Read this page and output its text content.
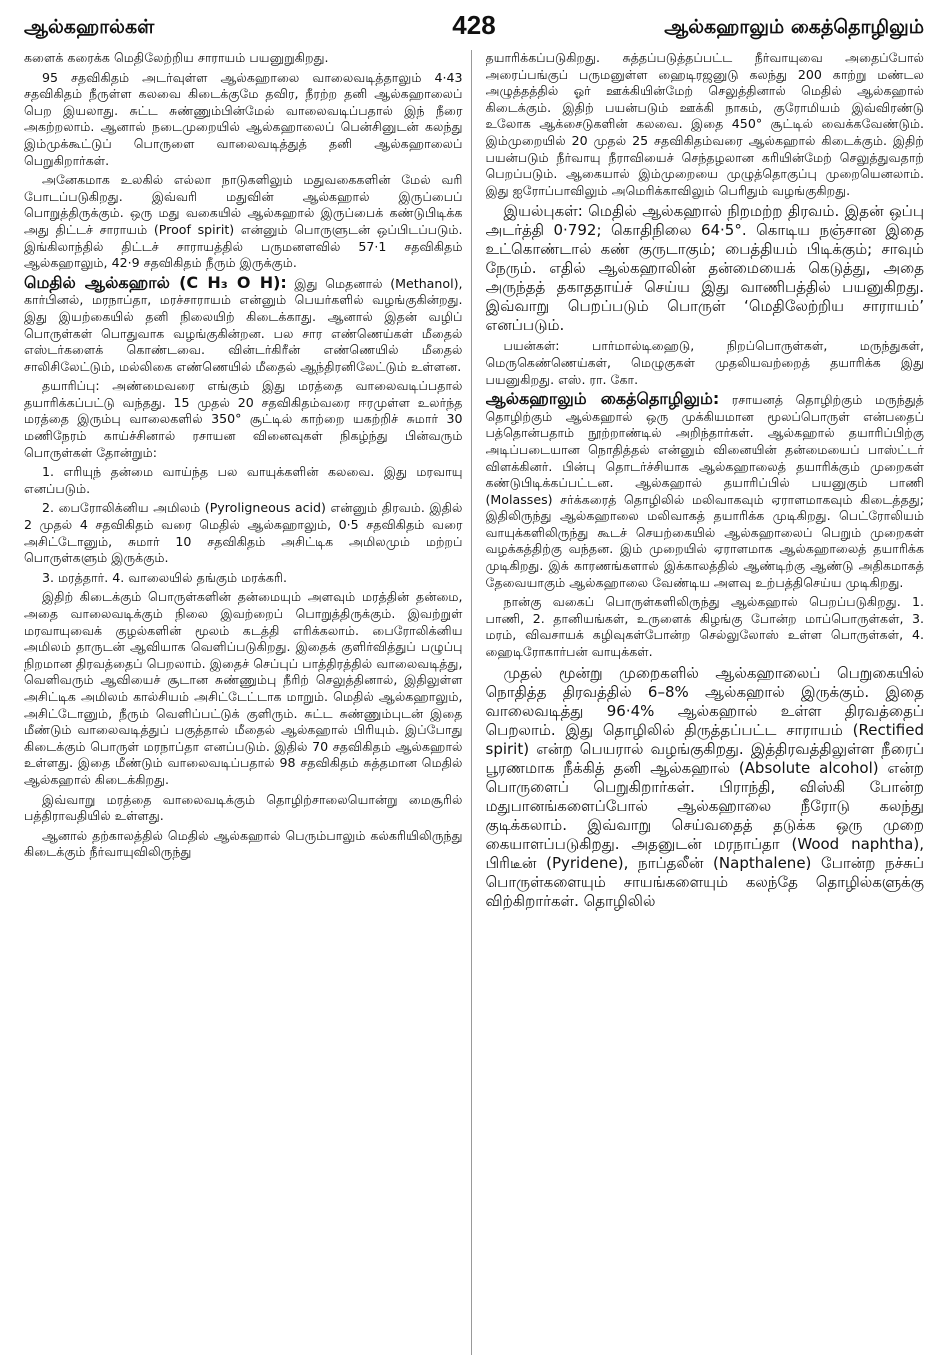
ஆல்கஹால்கள்	428	ஆல்கஹாலும் கைத்தொழிலும்

களைக் கரைக்க மெதிலேற்றிய சாராயம் பயனுறுகிறது.

95 சதவிகிதம் அடர்வுள்ள ஆல்கஹாலை வாலைவடித்தாலும் 4·43 சதவிகிதம் நீருள்ள கலவை கிடைக்குமே தவிர, நீரற்ற தனி ஆல்கஹாலைப் பெற இயலாது. சுட்ட சுண்ணும்பின்மேல் வாலைவடிப்பதால் இந் நீரை அகற்றலாம். ஆனால் நடைமுறையில் ஆல்கஹாலைப் பென்சினுடன் கலந்து இம்முக்கூட்டுப் பொருளை வாலைவடித்துத் தனி ஆல்கஹாலைப் பெறுகிறார்கள்.

அனேகமாக உலகில் எல்லா நாடுகளிலும் மதுவகைகளின் மேல் வரி போடப்படுகிறது. இவ்வரி மதுவின் ஆல்கஹால் இருப்பைப் பொறுத்திருக்கும். ஒரு மது வகையில் ஆல்கஹால் இருப்பைக் கண்டுபிடிக்க அது திட்டச் சாராயம் (Proof spirit) என்னும் பொருளுடன் ஒப்பிடப்படும். இங்கிலாந்தில் திட்டச் சாராயத்தில் பருமனளவில் 57·1 சதவிகிதம் ஆல்கஹாலும், 42·9 சதவிகிதம் நீரும் இருக்கும்.

மெதில் ஆல்கஹால் (C H₃ O H): இது மெதனால் (Methanol), கார்பினல், மரநாப்தா, மரச்சாராயம் என்னும் பெயர்களில் வழங்குகின்றது. இது இயற்கையில் தனி நிலையிற் கிடைக்காது. ஆனால் இதன் வழிப் பொருள்கள் பொதுவாக வழங்குகின்றன. பல சார எண்ணெய்கள் மீதைல் எஸ்டர்களைக் கொண்டவை. வின்டர்கிரீன் எண்ணெயில் மீதைல் சாலிசிலேட்டும், மல்லிகை எண்ணெயில் மீதைல் ஆந்திரனிலேட்டும் உள்ளன.

தயாரிப்பு: அண்மைவரை எங்கும் இது மரத்தை வாலைவடிப்பதால் தயாரிக்கப்பட்டு வந்தது. 15 முதல் 20 சதவிகிதம்வரை ஈரமுள்ள உலர்ந்த மரத்தை இரும்பு வாலைகளில் 350° சூட்டில் காற்றை யகற்றிச் சுமார் 30 மணிநேரம் காய்ச்சினால் ரசாயன வினைவுகள் நிகழ்ந்து பின்வரும் பொருள்கள் தோன்றும்:

1. எரியுந் தன்மை வாய்ந்த பல வாயுக்களின் கலவை. இது மரவாயு எனப்படும்.

2. பைரோலிக்னிய அமிலம் (Pyroligneous acid) என்னும் திரவம். இதில் 2 முதல் 4 சதவிகிதம் வரை மெதில் ஆல்கஹாலும், 0·5 சதவிகிதம் வரை அசிட்டோனும், சுமார் 10 சதவிகிதம் அசிட்டிக அமிலமும் மற்றப் பொருள்களும் இருக்கும்.

3. மரத்தார். 4. வாலையில் தங்கும் மரக்கரி.

இதிற் கிடைக்கும் பொருள்களின் தன்மையும் அளவும் மரத்தின் தன்மை, அதை வாலைவடிக்கும் நிலை இவற்றைப் பொறுத்திருக்கும். இவற்றுள் மரவாயுவைக் குழல்களின் மூலம் கடத்தி எரிக்கலாம். பைரோலிக்னிய அமிலம் தாருடன் ஆவியாக வெளிப்படுகிறது. இதைக் குளிர்வித்துப் பழுப்பு நிறமான திரவத்தைப் பெறலாம். இதைச் செப்புப் பாத்திரத்தில் வாலைவடித்து, வெளிவரும் ஆவியைச் சூடான சுண்ணும்பு நீரிற் செலுத்தினால், இதிலுள்ள அசிட்டிக அமிலம் கால்சியம் அசிட்டேட்டாக மாறும். மெதில் ஆல்கஹாலும், அசிட்டோனும், நீரும் வெளிப்பட்டுக் குளிரும். சுட்ட சுண்ணும்புடன் இதை மீண்டும் வாலைவடித்துப் பகுத்தால் மீதைல் ஆல்கஹால் பிரியும். இப்போது கிடைக்கும் பொருள் மரநாப்தா எனப்படும். இதில் 70 சதவிகிதம் ஆல்கஹால் உள்ளது. இதை மீண்டும் வாலைவடிப்பதால் 98 சதவிகிதம் சுத்தமான மெதில் ஆல்கஹால் கிடைக்கிறது.

இவ்வாறு மரத்தை வாலைவடிக்கும் தொழிற்சாலையொன்று மைசூரில் பத்திராவதியில் உள்ளது.

ஆனால் தற்காலத்தில் மெதில் ஆல்கஹால் பெரும்பாலும் கல்கரியிலிருந்து கிடைக்கும் நீர்வாயுவிலிருந்து

தயாரிக்கப்படுகிறது. சுத்தப்படுத்தப்பட்ட நீர்வாயுவை அதைப்போல் அரைப்பங்குப் பருமனுள்ள ஹைடிரஜனுடு கலந்து 200 காற்று மண்டல அழுத்தத்தில் ஓர் ஊக்கியின்மேற் செலுத்தினால் மெதில் ஆல்கஹால் கிடைக்கும். இதிற் பயன்படும் ஊக்கி நாகம், குரோமியம் இவ்விரண்டு உலோக ஆக்சைடுகளின் கலவை. இதை 450° சூட்டில் வைக்கவேண்டும். இம்முறையில் 20 முதல் 25 சதவிகிதம்வரை ஆல்கஹால் கிடைக்கும். இதிற் பயன்படும் நீர்வாயு நீராவியைச் செந்தழலான கரியின்மேற் செலுத்துவதாற் பெறப்படும். ஆகையால் இம்முறையை முழுத்தொகுப்பு முறையெனலாம். இது ஐரோப்பாவிலும் அமெரிக்காவிலும் பெரிதும் வழங்குகிறது.

இயல்புகள்: மெதில் ஆல்கஹால் நிறமற்ற திரவம். இதன் ஒப்பு அடர்த்தி 0·792; கொதிநிலை 64·5°. கொடிய நஞ்சான இதை உட்கொண்டால் கண் குருடாகும்; பைத்தியம் பிடிக்கும்; சாவும் நேரும். எதில் ஆல்கஹாலின் தன்மையைக் கெடுத்து, அதை அருந்தத் தகாததாய்ச் செய்ய இது வாணிபத்தில் பயனுகிறது. இவ்வாறு பெறப்படும் பொருள் ‘மெதிலேற்றிய சாராயம்’ எனப்படும்.

பயன்கள்: பார்மால்டிஹைடு, நிறப்பொருள்கள், மருந்துகள், மெருகெண்ணெய்கள், மெழுகுகள் முதலியவற்றைத் தயாரிக்க இது பயனுகிறது. எஸ். ரா. கோ.

ஆல்கஹாலும் கைத்தொழிலும்: ரசாயனத் தொழிற்கும் மருந்துத் தொழிற்கும் ஆல்கஹால் ஒரு முக்கியமான மூலப்பொருள் என்பதைப் பத்தொன்பதாம் நூற்றாண்டில் அறிந்தார்கள். ஆல்கஹால் தயாரிப்பிற்கு அடிப்படையான நொதித்தல் என்னும் வினையின் தன்மையைப் பாஸ்ட்டர் விளக்கினர். பின்பு தொடர்ச்சியாக ஆல்கஹாலைத் தயாரிக்கும் முறைகள் கண்டுபிடிக்கப்பட்டன. ஆல்கஹால் தயாரிப்பில் பயனுகும் பாணி (Molasses) சர்க்கரைத் தொழிலில் மலிவாகவும் ஏராளமாகவும் கிடைத்தது; இதிலிருந்து ஆல்கஹாலை மலிவாகத் தயாரிக்க முடிகிறது. பெட்ரோலியம் வாயுக்களிலிருந்து கூடச் செயற்கையில் ஆல்கஹாலைப் பெறும் முறைகள் வழக்கத்திற்கு வந்தன. இம் முறையில் ஏராளமாக ஆல்கஹாலைத் தயாரிக்க முடிகிறது. இக் காரணங்களால் இக்காலத்தில் ஆண்டிற்கு ஆண்டு அதிகமாகத் தேவையாகும் ஆல்கஹாலை வேண்டிய அளவு உற்பத்திசெய்ய முடிகிறது.

நான்கு வகைப் பொருள்களிலிருந்து ஆல்கஹால் பெறப்படுகிறது. 1. பாணி, 2. தானியங்கள், உருளைக் கிழங்கு போன்ற மாப்பொருள்கள், 3. மரம், விவசாயக் கழிவுகள்போன்ற செல்லுலோஸ் உள்ள பொருள்கள், 4. ஹைடிரோகார்பன் வாயுக்கள்.

முதல் மூன்று முறைகளில் ஆல்கஹாலைப் பெறுகையில் நொதித்த திரவத்தில் 6–8% ஆல்கஹால் இருக்கும். இதை வாலைவடித்து 96·4% ஆல்கஹால் உள்ள திரவத்தைப் பெறலாம். இது தொழிலில் திருத்தப்பட்ட சாராயம் (Rectified spirit) என்ற பெயரால் வழங்குகிறது. இத்திரவத்திலுள்ள நீரைப் பூரணமாக நீக்கித் தனி ஆல்கஹால் (Absolute alcohol) என்ற பொருளைப் பெறுகிறார்கள். பிராந்தி, விஸ்கி போன்ற மதுபானங்களைப்போல் ஆல்கஹாலை நீரோடு கலந்து குடிக்கலாம். இவ்வாறு செய்வதைத் தடுக்க ஒரு முறை கையாளப்படுகிறது. அதனுடன் மரநாப்தா (Wood naphtha), பிரிடீன் (Pyridene), நாப்தலீன் (Napthalene) போன்ற நச்சுப் பொருள்களையும் சாயங்களையும் கலந்தே தொழில்களுக்கு விற்கிறார்கள். தொழிலில்
